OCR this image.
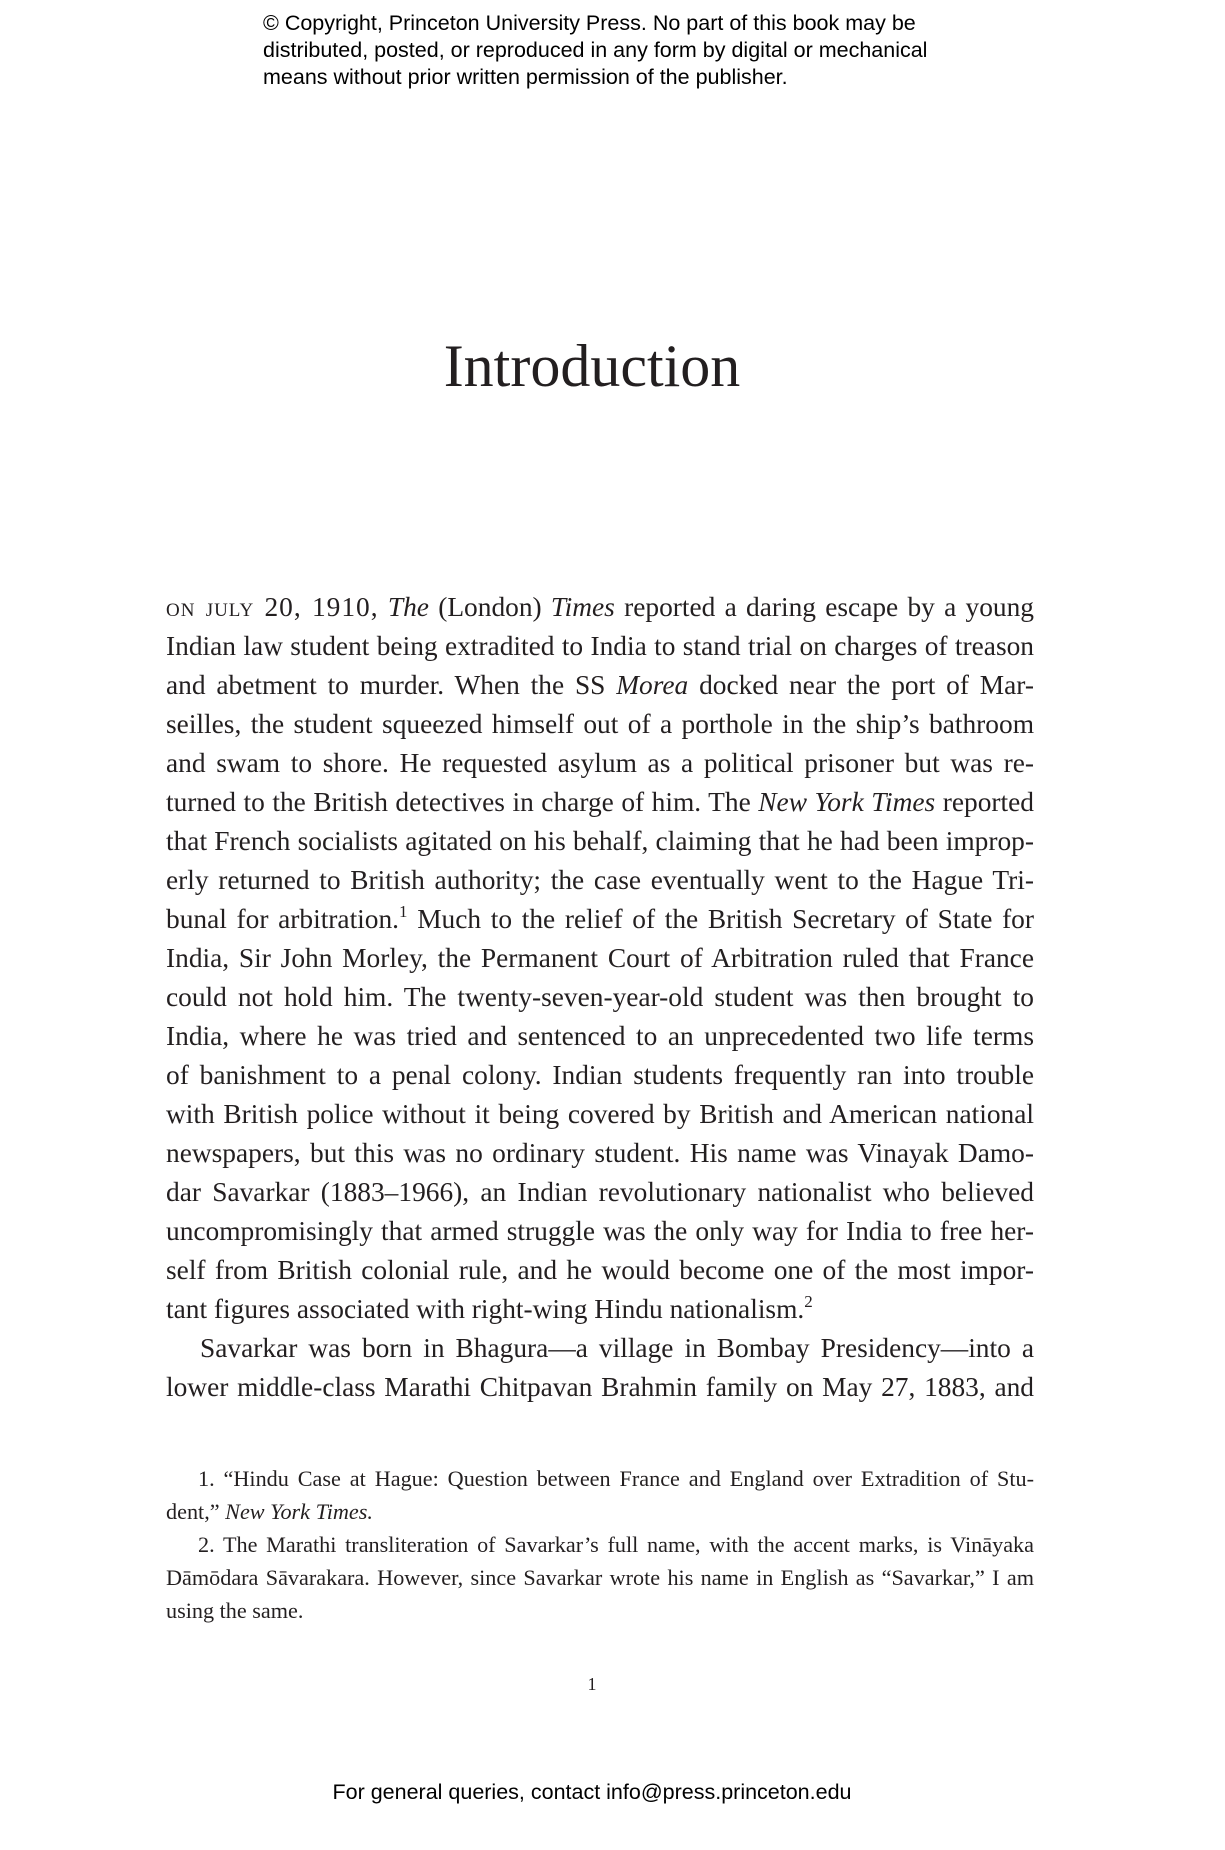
© Copyright, Princeton University Press. No part of this book may be
distributed, posted, or reproduced in any form by digital or mechanical
means without prior written permission of the publisher.
Introduction
on july 20, 1910, The (London) Times reported a daring escape by a young
Indian law student being extradited to India to stand trial on charges of treason
and abetment to murder. When the SS Morea docked near the port of Mar-
seilles, the student squeezed himself out of a porthole in the ship’s bathroom
and swam to shore. He requested asylum as a political prisoner but was re-
turned to the British detectives in charge of him. The New York Times reported
that French socialists agitated on his behalf, claiming that he had been improp-
erly returned to British authority; the case eventually went to the Hague Tri-
bunal for arbitration.$^1$ Much to the relief of the British Secretary of State for
India, Sir John Morley, the Permanent Court of Arbitration ruled that France
could not hold him. The twenty-seven-year-old student was then brought to
India, where he was tried and sentenced to an unprecedented two life terms
of banishment to a penal colony. Indian students frequently ran into trouble
with British police without it being covered by British and American national
newspapers, but this was no ordinary student. His name was Vinayak Damo-
dar Savarkar (1883–1966), an Indian revolutionary nationalist who believed
uncompromisingly that armed struggle was the only way for India to free her-
self from British colonial rule, and he would become one of the most impor-
tant figures associated with right-wing Hindu nationalism.$^2$
Savarkar was born in Bhagura—a village in Bombay Presidency—into a
lower middle-class Marathi Chitpavan Brahmin family on May 27, 1883, and
1. “Hindu Case at Hague: Question between France and England over Extradition of Stu-
dent,” New York Times.
2. The Marathi transliteration of Savarkar’s full name, with the accent marks, is Vināyaka
Dāmōdara Sāvarakara. However, since Savarkar wrote his name in English as “Savarkar,” I am
using the same.
1
For general queries, contact info@press.princeton.edu
